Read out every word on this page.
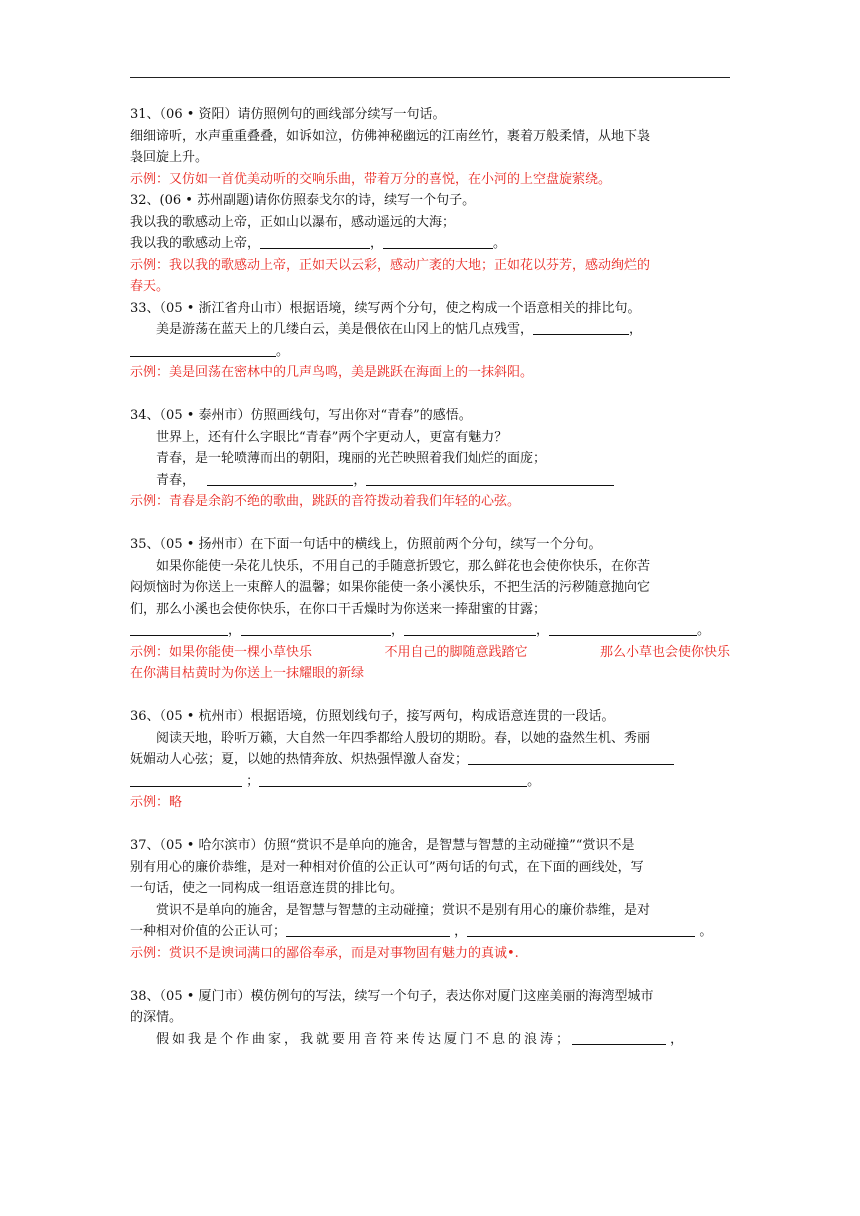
31、（06 • 资阳）请仿照例句的画线部分续写一句话。
细细谛听，水声重重叠叠，如诉如泣，仿佛神秘幽远的江南丝竹，裹着万般柔情，从地下袅
袅回旋上升。
示例：又仿如一首优美动听的交响乐曲，带着万分的喜悦，在小河的上空盘旋萦绕。
32、(06 • 苏州副题)请你仿照泰戈尔的诗，续写一个句子。
我以我的歌感动上帝，正如山以瀑布，感动遥远的大海；
我以我的歌感动上帝，	，	。
示例：我以我的歌感动上帝，正如天以云彩，感动广袤的大地；正如花以芬芳，感动绚烂的
春天。
33、（05 • 浙江省舟山市）根据语境，续写两个分句，使之构成一个语意相关的排比句。
美是游荡在蓝天上的几缕白云，美是偎依在山冈上的惦几点残雪，	，
。
示例：美是回荡在密林中的几声鸟鸣，美是跳跃在海面上的一抹斜阳。
34、（05 • 泰州市）仿照画线句，写出你对“青春”的感悟。
世界上，还有什么字眼比“青春”两个字更动人，更富有魅力？
青春，是一轮喷薄而出的朝阳，瑰丽的光芒映照着我们灿烂的面庞；
青春，	，
示例：青春是余韵不绝的歌曲，跳跃的音符拨动着我们年轻的心弦。
35、（05 • 扬州市）在下面一句话中的横线上，仿照前两个分句，续写一个分句。
如果你能使一朵花儿快乐，不用自己的手随意折毁它，那么鲜花也会使你快乐，在你苦
闷烦恼时为你送上一束醉人的温馨；如果你能使一条小溪快乐，不把生活的污秽随意抛向它
们，那么小溪也会使你快乐，在你口干舌燥时为你送来一捧甜蜜的甘露；
，	，	，	。
示例：如果你能使一棵小草快乐	不用自己的脚随意践踏它	那么小草也会使你快乐
在你满目枯黄时为你送上一抹耀眼的新绿
36、（05 • 杭州市）根据语境，仿照划线句子，接写两句，构成语意连贯的一段话。
阅读天地，聆听万籁，大自然一年四季都给人殷切的期盼。春，以她的盎然生机、秀丽
妩媚动人心弦；夏，以她的热情奔放、炽热强悍激人奋发；
；	。
示例：略
37、（05 • 哈尔滨市）仿照“赏识不是单向的施舍，是智慧与智慧的主动碰撞”“赏识不是
别有用心的廉价恭维，是对一种相对价值的公正认可”两句话的句式，在下面的画线处，写
一句话，使之一同构成一组语意连贯的排比句。
赏识不是单向的施舍，是智慧与智慧的主动碰撞；赏识不是别有用心的廉价恭维，是对
一种相对价值的公正认可；	，	。
示例：赏识不是谀词满口的鄙俗奉承，而是对事物固有魅力的真诚•.
38、（05 • 厦门市）模仿例句的写法，续写一个句子，表达你对厦门这座美丽的海湾型城市
的深情。
假如我是个作曲家，我就要用音符来传达厦门不息的浪涛；	，
